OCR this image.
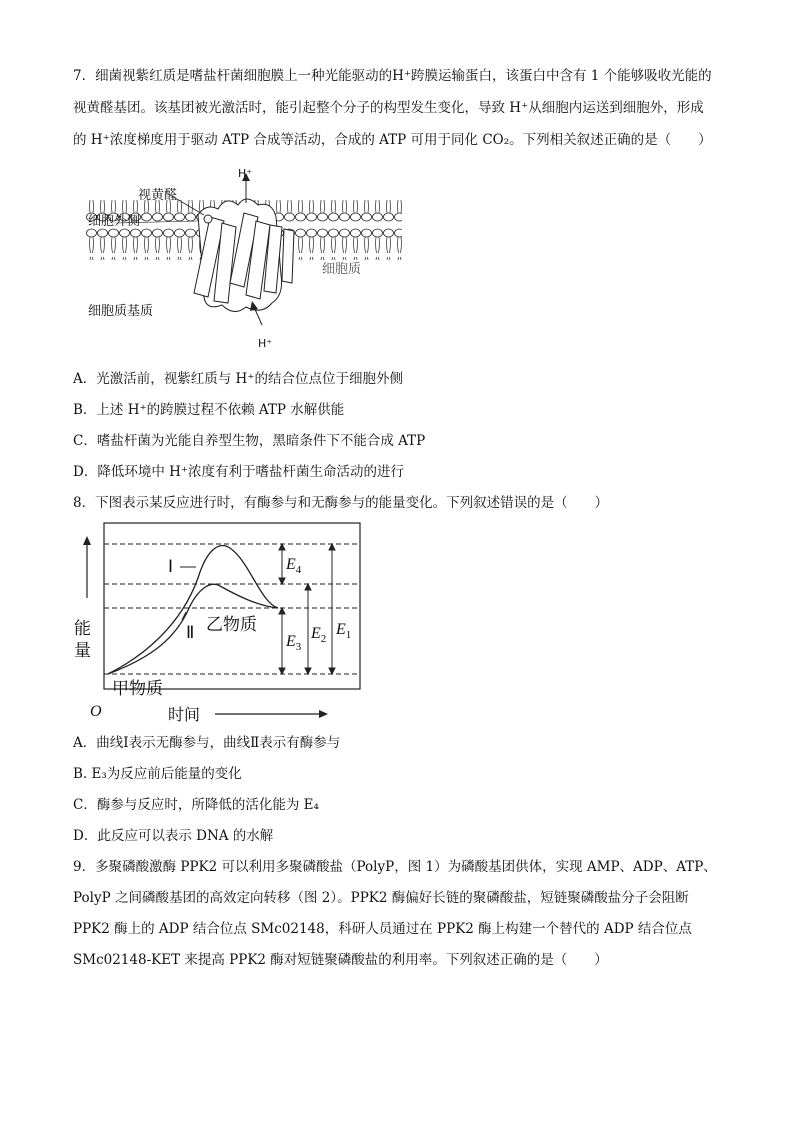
7．细菌视紫红质是嗜盐杆菌细胞膜上一种光能驱动的H⁺跨膜运输蛋白，该蛋白中含有 1 个能够吸收光能的
视黄醛基团。该基团被光激活时，能引起整个分子的构型发生变化，导致 H⁺从细胞内运送到细胞外，形成
的 H⁺浓度梯度用于驱动 ATP 合成等活动，合成的 ATP 可用于同化 CO₂。下列相关叙述正确的是（　　）
视黄醛
细胞外侧
细胞质
细胞质基质
H⁺
H⁺
A．光激活前，视紫红质与 H⁺的结合位点位于细胞外侧
B．上述 H⁺的跨膜过程不依赖 ATP 水解供能
C．嗜盐杆菌为光能自养型生物，黑暗条件下不能合成 ATP
D．降低环境中 H⁺浓度有利于嗜盐杆菌生命活动的进行
8．下图表示某反应进行时，有酶参与和无酶参与的能量变化。下列叙述错误的是（　　）
能
量
O	时间
Ⅰ
Ⅱ
甲物质
乙物质
$E_4$
$E_3$
$E_2$
$E_1$
A．曲线Ⅰ表示无酶参与，曲线Ⅱ表示有酶参与
B. E₃为反应前后能量的变化
C．酶参与反应时，所降低的活化能为 E₄
D．此反应可以表示 DNA 的水解
9．多聚磷酸激酶 PPK2 可以利用多聚磷酸盐（PolyP，图 1）为磷酸基团供体，实现 AMP、ADP、ATP、
PolyP 之间磷酸基团的高效定向转移（图 2）。PPK2 酶偏好长链的聚磷酸盐，短链聚磷酸盐分子会阻断
PPK2 酶上的 ADP 结合位点 SMc02148，科研人员通过在 PPK2 酶上构建一个替代的 ADP 结合位点
SMc02148-KET 来提高 PPK2 酶对短链聚磷酸盐的利用率。下列叙述正确的是（　　）
